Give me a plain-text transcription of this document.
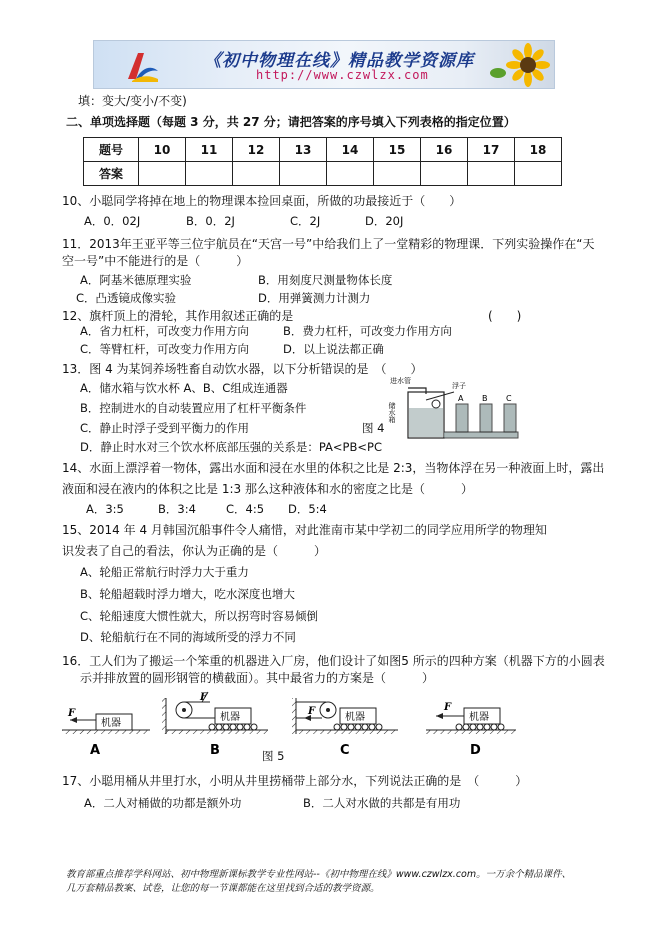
《初中物理在线》精品教学资源库
http://www.czwlzx.com
填：变大/变小/不变)
二、单项选择题（每题 3 分，共 27 分；请把答案的序号填入下列表格的指定位置）
题号	10	11	12	13	14	15	16	17	18
答案									
10、小聪同学将掉在地上的物理课本捡回桌面，所做的功最接近于（　　）
A．0．02J	B．0．2J	C．2J	D．20J
11．2013年王亚平等三位宇航员在“天宫一号”中给我们上了一堂精彩的物理课．下列实验操作在“天
空一号”中不能进行的是（　　　）
A．阿基米德原理实验	B．用刻度尺测量物体长度
C．凸透镜成像实验	D．用弹簧测力计测力
12、旗杆顶上的滑轮，其作用叙述正确的是	(　　)
A．省力杠杆，可改变力作用方向	B．费力杠杆，可改变力作用方向
C．等臂杠杆，可改变力作用方向	D．以上说法都正确
13．图 4 为某饲养场牲畜自动饮水器，以下分析错误的是　（　　）
A．储水箱与饮水杯 A、B、C组成连通器
B．控制进水的自动装置应用了杠杆平衡条件
C．静止时浮子受到平衡力的作用	图 4
D．静止时水对三个饮水杯底部压强的关系是：PA<PB<PC
进水管
浮子
储水箱
A B C
14、水面上漂浮着一物体，露出水面和浸在水里的体积之比是 2:3，当物体浮在另一种液面上时，露出
液面和浸在液内的体积之比是 1:3 那么这种液体和水的密度之比是（　　　）
A．3:5	B．3:4	C．4:5 D．5:4
15、2014 年 4 月韩国沉船事件令人痛惜，对此淮南市某中学初二的同学应用所学的物理知
识发表了自己的看法，你认为正确的是（　　　）
A、轮船正常航行时浮力大于重力
B、轮船超载时浮力增大，吃水深度也增大
C、轮船速度大惯性就大，所以拐弯时容易倾倒
D、轮船航行在不同的海域所受的浮力不同
16．工人们为了搬运一个笨重的机器进入厂房，他们设计了如图5 所示的四种方案（机器下方的小圆表
示并排放置的圆形钢管的横截面）。其中最省力的方案是（　　　）
机器
F
A
F
机器
B
F
机器
C
机器
F
D
图 5
17、小聪用桶从井里打水，小明从井里捞桶带上部分水，下列说法正确的是　（　　　）
A．二人对桶做的功都是额外功	B．二人对水做的共都是有用功
教育部重点推荐学科网站、初中物理新课标教学专业性网站--《初中物理在线》www.czwlzx.com。一万余个精品课件、
几万套精品教案、试卷，让您的每一节课都能在这里找到合适的教学资源。
